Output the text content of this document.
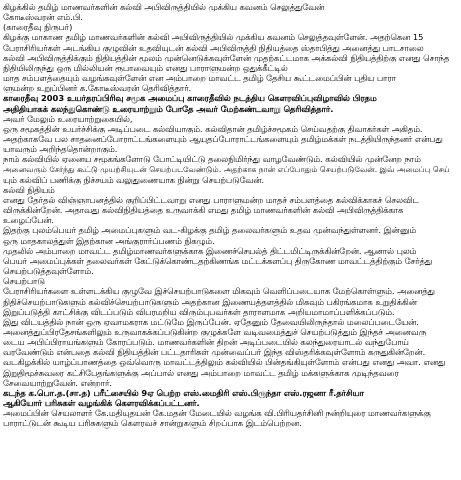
கிழக்கில் தமிழ் மாணவர்களின் கல்வி அபிவிருத்தியில் முக்கிய கவனம் செலுத்துவேன்
கோடீஸ்வரன் எம்.பி.
(காரைதீவு நிருபர்)
கிழக்கு மாகாண தமிழ் மாணவர்களின் கல்வி அபிவிருத்தியில் முக்கிய கவனம் செலுத்தவுள்ளேன். அதற்கென 15
பேராசிரியர்கள் அடங்கிய குழுவின் உதவியுடன் கல்வி அபிவிருத்தி நிதியத்தை ஸ்தாபித்து அனைத்து பாடசாலை
கல்வி அபிவிருத்திக்கும் நிதியத்தின் மூலம் முன்னெடுக்கவுள்ளேன் முதற்கட்டமாக அக்கல்வி நிதியத்திற்கு எனது சொந்த
நிதியிலிருந்து ஒரு மில்லியன் ரூபாவையும் எனது பாராளுமன்ற ஒதுக்கீட்டில்
மாத சம்பளத்தையும் வழங்கவுள்ளேன் என அம்பாறை மாவட்ட தமிழ் தேசிய கூட்டமைப்பின் புதிய பாரா
ளுமன்ற உறுப்பினர் க.கோடீஸ்வரன் தெரிவித்தார்.
காரைதீவு 2003 உயர்தரப்பிரிவு சமூக அமைப்பு காரைதீவில் நடத்திய கௌரவிப்புவிழாவில் பிரதம
அதிதியாகக் கலந்துகொண்டு உரையாற்றும் போதே அவர் மேற்கண்டவாறு தெரிவித்தார்.
அவர் மேலும் உரையாற்றுகையில்,
ஒரு சமூகத்தின் உயர்ச்சிக்கு அடிப்படை கல்வியாகும். கல்விதான் தமிழ்ச்சமூகம் செய்வதற்கு திவாகர்கள் அகிதம்.
அதற்காகவே பல சாதனைப்போராட்டங்களையும் ஆயுதப்போராட்டங்களையும் தமிழ்மக்கள் நடத்தியிருந்தனர் என்பது
யாவரும் அறிந்ததொன்றாகும்.
நாம் கல்வியில் ஏனைய சமூகங்களோடு போட்டியிட்டு தலைநிமிர்ந்து வாழவேண்டும். கல்வியில் முன்னேற நாம்
அனைவரும் சேர்ந்து கூட்டு முயற்சியுடன் செயற்படவேண்டும். அதற்காக நான் எப்போதும் செயற்படுவேன். இவ் அமைப்பு செய்
யும் கல்விப் பணிக்கு நிச்சயம் வலுதுணையாக நின்று செயற்படுவேன்.
கல்வி நிதியம்
எனது தேர்தல் விஞ்ஞாபனத்தில் குறிப்பிட்டவாறு எனது பாராளுமன்ற மாதச் சம்பளத்தை கல்விக்காகச் செலவிட
விருக்கின்றேன். அதாவது கல்விநிதியத்தை உருவாக்கி எமது தமிழ் மாணவர்களின் கல்வி அபிவிருத்திக்காக
உழைப்பேன்.
இதற்கு புலம்பெயர் தமிழ் அமைப்புகளும் வட-கிழக்கு தமிழ் தலைவர்களும் உதவ முன்வந்துள்ளனர். இன்னும்
ஒரு மாதகாலத்துள் இதற்கான அங்குரார்ப்பணம் நிகழும்.
முதலில் அம்பாறை மாவட்ட தமிழ்மாணவர்களுக்காக இணைச்செயல்த் திட்டமிட்டிருக்கின்றேன். ஆனால் புலம்
பெயர் அமைப்புக்கள் தலைவர்கள் கேட்டுக்கொண்டதற்கிணங்க மட்டக்களப்பு திருகோண மாவட்டத்திற்கும் சேர்த்து
செயற்படுத்தவுள்ளோம்.
செயற்பாடு
பேராசிரியர்களை உள்ளடக்கிய குழுவே இச்செயற்பாடுகளை மிகவும் வெளிப்படையாக மேற்கொள்ளும். அனைத்து
நிதிச்செயற்பாடுகளும் கல்விச்செயற்பாடுகளும் அதற்கான இணையத்தளத்தில் மிகவும் பகிரங்கமாக உறுதிக்கின்
இறுப்படுத்தி காட்சிக்கு விடப்படும் விபரமறிய விரும்புபவர்கள் தாராளமாக அறியமாமாப்பளிக்கப்படும்.
இது விடயத்தில் நான் ஒரு ஏவாமகராக மட்டுமே இருப்பேன். ஏதேனும் தேவையிலிருந்தால் மலைப்படையேன்.
அனைத்துப்பிரதேசங்களிலும் உருவாகக்கப்படுகின்ற குழுக்களே வடிவமைத்துச் செயற்படுத்தும் இந்தச் அனைவரு
டைய அபிப்பிராயங்களும் கோரப்படும். மாணவர்களின் திறன் அடிப்படையில் கலந்துரையாடல் வந்துபோய்
வரவேண்டும் என்பதை கல்வி நிதியத்தின் பட்டதாரிகள் முன்வைப்பர் இந்த விஸ்தரிக்கவுள்ளோம் கருதுகின்றேன்.
வடகிழக்கில் யாழ்ப்பாணத்தை ஒவ்வொரு மாவட்டத்திலும் கல்வியில் பின்தங்கியுள்ளோம் என்பது எனது அவா. எனது
இறுதிமூச்சுவரை கட்சிபேதங்களுக்கு அப்பால் எனது அம்பாறை மாவட்ட தமிழ் மக்களுக்காக முடிந்தவரை
சேவையாற்றுவேன். என்றார்.
கடந்த க.பொ.த.(சா.த) பரீட்சையில் 9ஏ பெற்ற எஸ்.மைதிரி எஸ்.பிருந்தா எஸ்.ரஜனா ரீ.தர்சியா
ஆகியோர் பரிசுகள் வழங்கிக் கௌரவிக்கப்பட்டனர்.
அமைப்பின் செயலாளர் கே.மதியுதயன் கே.மதன் மேடையில் வழங்க வி.பிரியதர்சினி நன்றியுரை மாணவர்களுக்கு
பாராட்டுடன் கூடிய பரிசுகளும் கௌரவச் சான்றுகளும் சிறப்பாக இடம்பெற்றன.
